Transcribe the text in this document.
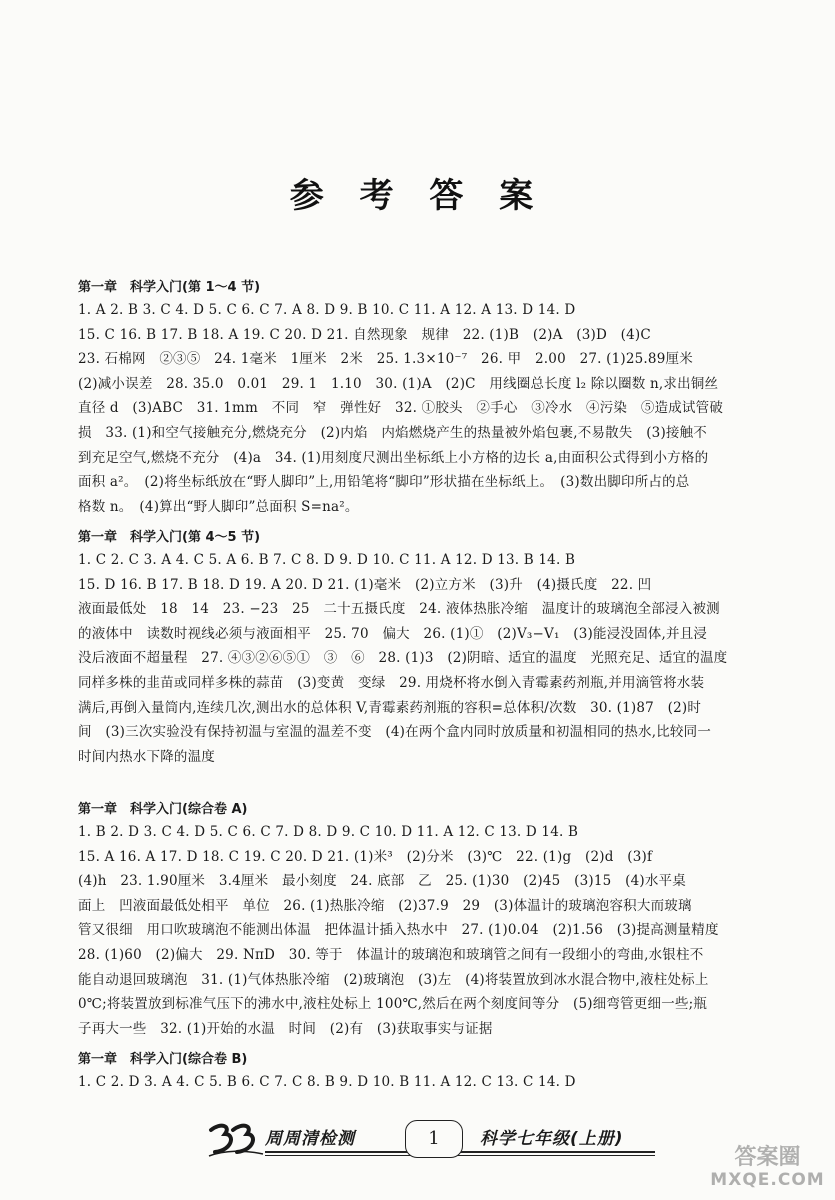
参 考 答 案
第一章　科学入门(第 1～4 节)
1. A 2. B 3. C 4. D 5. C 6. C 7. A 8. D 9. B 10. C 11. A 12. A 13. D 14. D
15. C 16. B 17. B 18. A 19. C 20. D 21. 自然现象　规律　22. (1)B　(2)A　(3)D　(4)C
23. 石棉网　②③⑤　24. 1毫米　1厘米　2米　25. 1.3×10⁻⁷　26. 甲　2.00　27. (1)25.89厘米
(2)减小误差　28. 35.0　0.01　29. 1　1.10　30. (1)A　(2)C　用线圈总长度 l₂ 除以圈数 n,求出铜丝
直径 d　(3)ABC　31. 1mm　不同　窄　弹性好　32. ①胶头　②手心　③冷水　④污染　⑤造成试管破
损　33. (1)和空气接触充分,燃烧充分　(2)内焰　内焰燃烧产生的热量被外焰包裹,不易散失　(3)接触不
到充足空气,燃烧不充分　(4)a　34. (1)用刻度尺测出坐标纸上小方格的边长 a,由面积公式得到小方格的
面积 a²。　(2)将坐标纸放在“野人脚印”上,用铅笔将“脚印”形状描在坐标纸上。　(3)数出脚印所占的总
格数 n。　(4)算出“野人脚印”总面积 S=na²。
第一章　科学入门(第 4～5 节)
1. C 2. C 3. A 4. C 5. A 6. B 7. C 8. D 9. D 10. C 11. A 12. D 13. B 14. B
15. D 16. B 17. B 18. D 19. A 20. D 21. (1)毫米　(2)立方米　(3)升　(4)摄氏度　22. 凹
液面最低处　18　14　23. −23　25　二十五摄氏度　24. 液体热胀冷缩　温度计的玻璃泡全部浸入被测
的液体中　读数时视线必须与液面相平　25. 70　偏大　26. (1)①　(2)V₃−V₁　(3)能浸没固体,并且浸
没后液面不超量程　27. ④③②⑥⑤①　③　⑥　28. (1)3　(2)阴暗、适宜的温度　光照充足、适宜的温度
同样多株的韭苗或同样多株的蒜苗　(3)变黄　变绿　29. 用烧杯将水倒入青霉素药剂瓶,并用滴管将水装
满后,再倒入量筒内,连续几次,测出水的总体积 V,青霉素药剂瓶的容积=总体积/次数　30. (1)87　(2)时
间　(3)三次实验没有保持初温与室温的温差不变　(4)在两个盒内同时放质量和初温相同的热水,比较同一
时间内热水下降的温度
第一章　科学入门(综合卷 A)
1. B 2. D 3. C 4. D 5. C 6. C 7. D 8. D 9. C 10. D 11. A 12. C 13. D 14. B
15. A 16. A 17. D 18. C 19. C 20. D 21. (1)米³　(2)分米　(3)℃　22. (1)g　(2)d　(3)f
(4)h　23. 1.90厘米　3.4厘米　最小刻度　24. 底部　乙　25. (1)30　(2)45　(3)15　(4)水平桌
面上　凹液面最低处相平　单位　26. (1)热胀冷缩　(2)37.9　29　(3)体温计的玻璃泡容积大而玻璃
管又很细　用口吹玻璃泡不能测出体温　把体温计插入热水中　27. (1)0.04　(2)1.56　(3)提高测量精度
28. (1)60　(2)偏大　29. NπD　30. 等于　体温计的玻璃泡和玻璃管之间有一段细小的弯曲,水银柱不
能自动退回玻璃泡　31. (1)气体热胀冷缩　(2)玻璃泡　(3)左　(4)将装置放到冰水混合物中,液柱处标上
0℃;将装置放到标准气压下的沸水中,液柱处标上 100℃,然后在两个刻度间等分　(5)细弯管更细一些;瓶
子再大一些　32. (1)开始的水温　时间　(2)有　(3)获取事实与证据
第一章　科学入门(综合卷 B)
1. C 2. D 3. A 4. C 5. B 6. C 7. C 8. B 9. D 10. B 11. A 12. C 13. C 14. D
周周清检测	1	科学七年级(上册)
答案圈
MXQE.COM
